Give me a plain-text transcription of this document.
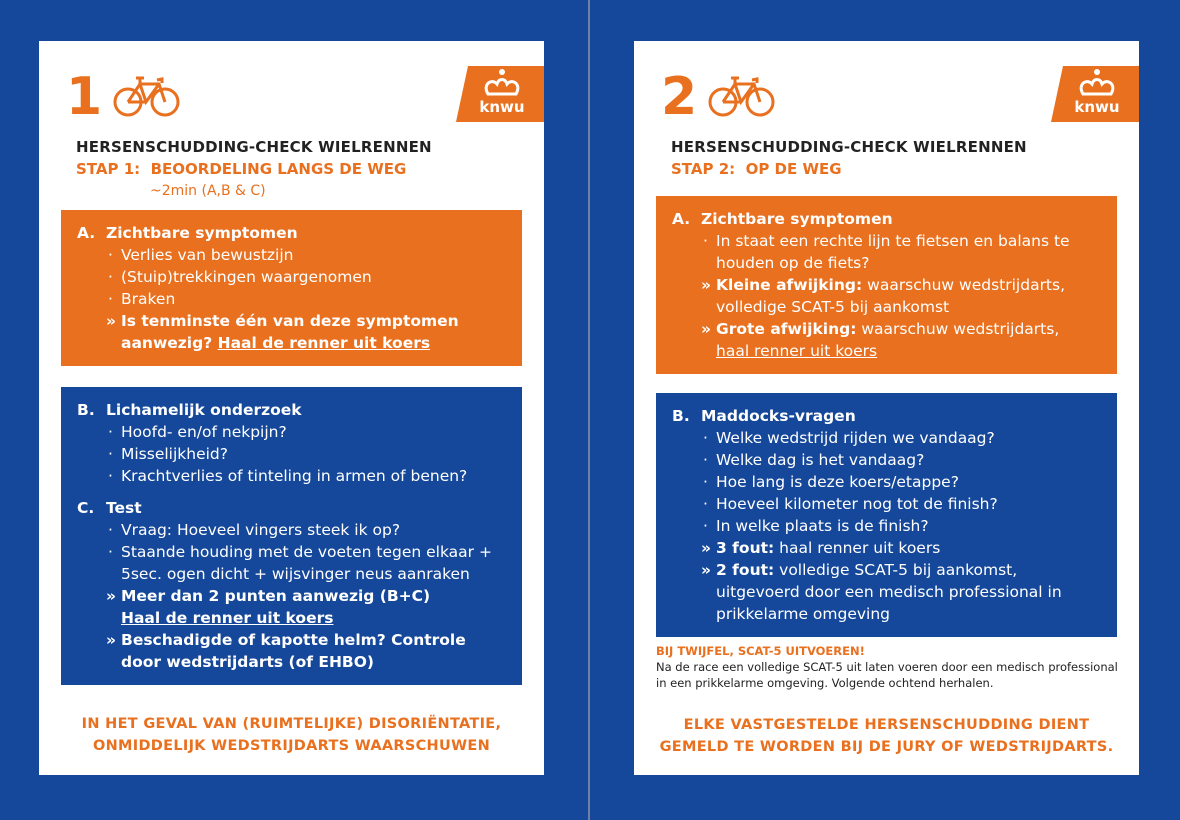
1	knwu
HERSENSCHUDDING-CHECK WIELRENNEN
STAP 1: BEOORDELING LANGS DE WEG
~2min (A,B & C)
A. Zichtbare symptomen
· Verlies van bewustzijn
· (Stuip)trekkingen waargenomen
· Braken
» Is tenminste één van deze symptomen aanwezig? Haal de renner uit koers
B. Lichamelijk onderzoek
· Hoofd- en/of nekpijn?
· Misselijkheid?
· Krachtverlies of tinteling in armen of benen?
C. Test
· Vraag: Hoeveel vingers steek ik op?
· Staande houding met de voeten tegen elkaar + 5sec. ogen dicht + wijsvinger neus aanraken
» Meer dan 2 punten aanwezig (B+C)
Haal de renner uit koers
» Beschadigde of kapotte helm? Controle door wedstrijdarts (of EHBO)
IN HET GEVAL VAN (RUIMTELIJKE) DISORIËNTATIE,
ONMIDDELIJK WEDSTRIJDARTS WAARSCHUWEN
2	knwu
HERSENSCHUDDING-CHECK WIELRENNEN
STAP 2: OP DE WEG
A. Zichtbare symptomen
· In staat een rechte lijn te fietsen en balans te houden op de fiets?
» Kleine afwijking: waarschuw wedstrijdarts, volledige SCAT-5 bij aankomst
» Grote afwijking: waarschuw wedstrijdarts,
haal renner uit koers
B. Maddocks-vragen
· Welke wedstrijd rijden we vandaag?
· Welke dag is het vandaag?
· Hoe lang is deze koers/etappe?
· Hoeveel kilometer nog tot de finish?
· In welke plaats is de finish?
» 3 fout: haal renner uit koers
» 2 fout: volledige SCAT-5 bij aankomst, uitgevoerd door een medisch professional in prikkelarme omgeving
BIJ TWIJFEL, SCAT-5 UITVOEREN!
Na de race een volledige SCAT-5 uit laten voeren door een medisch professional in een prikkelarme omgeving. Volgende ochtend herhalen.
ELKE VASTGESTELDE HERSENSCHUDDING DIENT
GEMELD TE WORDEN BIJ DE JURY OF WEDSTRIJDARTS.
